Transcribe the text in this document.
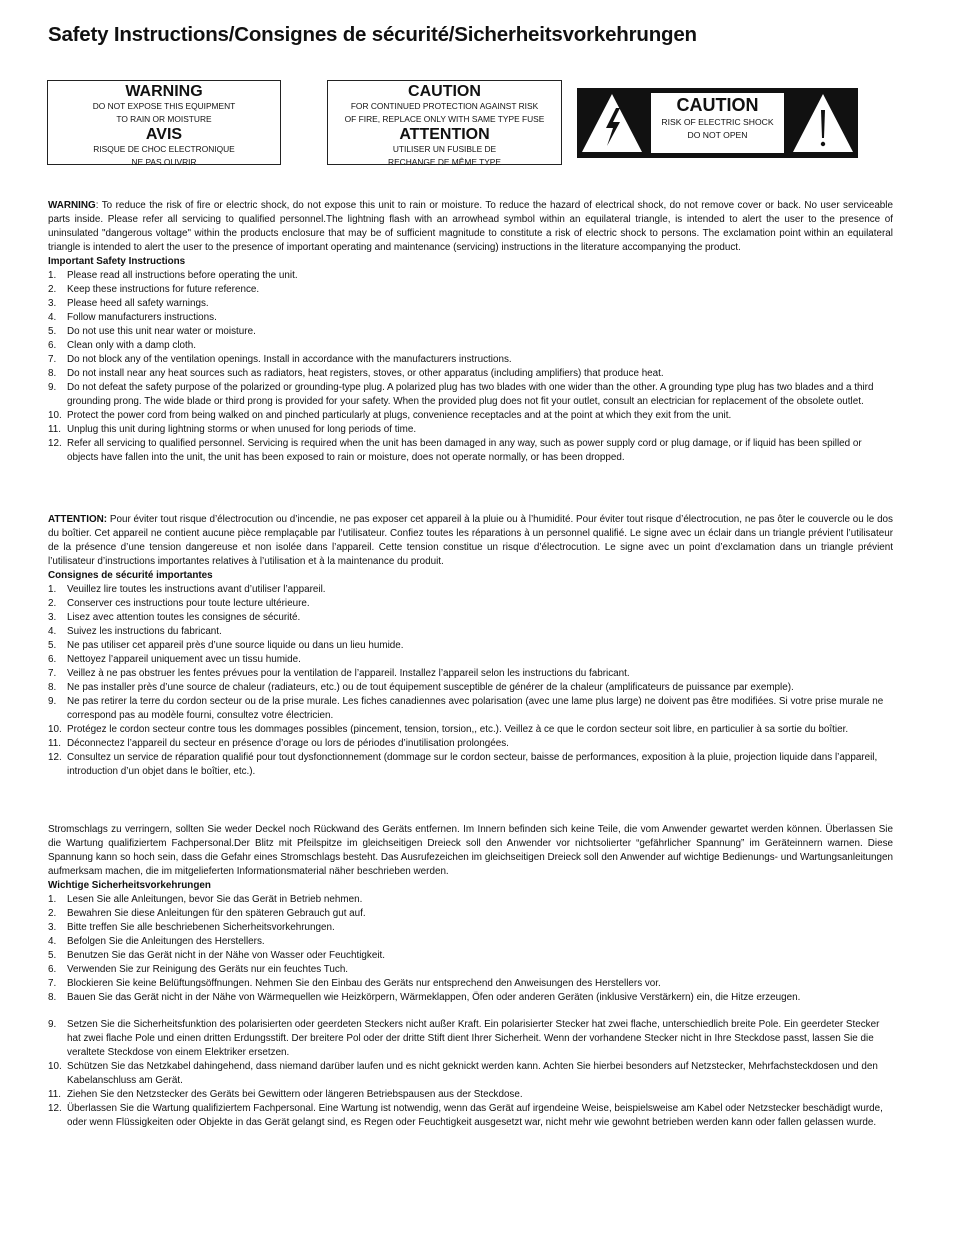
Safety Instructions/Consignes de sécurité/Sicherheitsvorkehrungen
WARNING
DO NOT EXPOSE THIS EQUIPMENT
TO RAIN OR MOISTURE
AVIS
RISQUE DE CHOC ELECTRONIQUE
NE PAS OUVRIR
CAUTION
FOR CONTINUED PROTECTION AGAINST RISK
OF FIRE, REPLACE ONLY WITH SAME TYPE FUSE
ATTENTION
UTILISER UN FUSIBLE DE
RECHANGE DE MÊME TYPE
CAUTION
RISK OF ELECTRIC SHOCK
DO NOT OPEN

WARNING: To reduce the risk of fire or electric shock, do not expose this unit to rain or moisture. To reduce the hazard of electrical shock, do not remove cover or back. No user serviceable parts inside. Please refer all servicing to qualified personnel.The lightning flash with an arrowhead symbol within an equilateral triangle, is intended to alert the user to the presence of uninsulated "dangerous voltage" within the products enclosure that may be of sufficient magnitude to constitute a risk of electric shock to persons. The exclamation point within an equilateral triangle is intended to alert the user to the presence of important operating and maintenance (servicing) instructions in the literature accompanying the product.

Important Safety Instructions
1. Please read all instructions before operating the unit.
2. Keep these instructions for future reference.
3. Please heed all safety warnings.
4. Follow manufacturers instructions.
5. Do not use this unit near water or moisture.
6. Clean only with a damp cloth.
7. Do not block any of the ventilation openings. Install in accordance with the manufacturers instructions.
8. Do not install near any heat sources such as radiators, heat registers, stoves, or other apparatus (including amplifiers) that produce heat.
9. Do not defeat the safety purpose of the polarized or grounding-type plug. A polarized plug has two blades with one wider than the other. A grounding type plug has two blades and a third grounding prong. The wide blade or third prong is provided for your safety. When the provided plug does not fit your outlet, consult an electrician for replacement of the obsolete outlet.
10. Protect the power cord from being walked on and pinched particularly at plugs, convenience receptacles and at the point at which they exit from the unit.
11. Unplug this unit during lightning storms or when unused for long periods of time.
12. Refer all servicing to qualified personnel. Servicing is required when the unit has been damaged in any way, such as power supply cord or plug damage, or if liquid has been spilled or objects have fallen into the unit, the unit has been exposed to rain or moisture, does not operate normally, or has been dropped.

ATTENTION: Pour éviter tout risque d’électrocution ou d’incendie, ne pas exposer cet appareil à la pluie ou à l’humidité. Pour éviter tout risque d’électrocution, ne pas ôter le couvercle ou le dos du boîtier. Cet appareil ne contient aucune pièce remplaçable par l’utilisateur. Confiez toutes les réparations à un personnel qualifié. Le signe avec un éclair dans un triangle prévient l’utilisateur de la présence d’une tension dangereuse et non isolée dans l’appareil. Cette tension constitue un risque d’électrocution. Le signe avec un point d’exclamation dans un triangle prévient l’utilisateur d’instructions importantes relatives à l’utilisation et à la maintenance du produit.

Consignes de sécurité importantes
1. Veuillez lire toutes les instructions avant d’utiliser l’appareil.
2. Conserver ces instructions pour toute lecture ultérieure.
3. Lisez avec attention toutes les consignes de sécurité.
4. Suivez les instructions du fabricant.
5. Ne pas utiliser cet appareil près d’une source liquide ou dans un lieu humide.
6. Nettoyez l’appareil uniquement avec un tissu humide.
7. Veillez à ne pas obstruer les fentes prévues pour la ventilation de l’appareil. Installez l’appareil selon les instructions du fabricant.
8. Ne pas installer près d’une source de chaleur (radiateurs, etc.) ou de tout équipement susceptible de générer de la chaleur (amplificateurs de puissance par exemple).
9. Ne pas retirer la terre du cordon secteur ou de la prise murale. Les fiches canadiennes avec polarisation (avec une lame plus large) ne doivent pas être modifiées. Si votre prise murale ne correspond pas au modèle fourni, consultez votre électricien.
10. Protégez le cordon secteur contre tous les dommages possibles (pincement, tension, torsion,, etc.). Veillez à ce que le cordon secteur soit libre, en particulier à sa sortie du boîtier.
11. Déconnectez l’appareil du secteur en présence d’orage ou lors de périodes d’inutilisation prolongées.
12. Consultez un service de réparation qualifié pour tout dysfonctionnement (dommage sur le cordon secteur, baisse de performances, exposition à la pluie, projection liquide dans l’appareil, introduction d’un objet dans le boîtier, etc.).

Stromschlags zu verringern, sollten Sie weder Deckel noch Rückwand des Geräts entfernen. Im Innern befinden sich keine Teile, die vom Anwender gewartet werden können. Überlassen Sie die Wartung qualifiziertem Fachpersonal.Der Blitz mit Pfeilspitze im gleichseitigen Dreieck soll den Anwender vor nichtsolierter “gefährlicher Spannung” im Geräteinnern warnen. Diese Spannung kann so hoch sein, dass die Gefahr eines Stromschlags besteht. Das Ausrufezeichen im gleichseitigen Dreieck soll den Anwender auf wichtige Bedienungs- und Wartungsanleitungen aufmerksam machen, die im mitgelieferten Informationsmaterial näher beschrieben werden.

Wichtige Sicherheitsvorkehrungen
1. Lesen Sie alle Anleitungen, bevor Sie das Gerät in Betrieb nehmen.
2. Bewahren Sie diese Anleitungen für den späteren Gebrauch gut auf.
3. Bitte treffen Sie alle beschriebenen Sicherheitsvorkehrungen.
4. Befolgen Sie die Anleitungen des Herstellers.
5. Benutzen Sie das Gerät nicht in der Nähe von Wasser oder Feuchtigkeit.
6. Verwenden Sie zur Reinigung des Geräts nur ein feuchtes Tuch.
7. Blockieren Sie keine Belüftungsöffnungen. Nehmen Sie den Einbau des Geräts nur entsprechend den Anweisungen des Herstellers vor.
8. Bauen Sie das Gerät nicht in der Nähe von Wärmequellen wie Heizkörpern, Wärmeklappen, Öfen oder anderen Geräten (inklusive Verstärkern) ein, die Hitze erzeugen.
9. Setzen Sie die Sicherheitsfunktion des polarisierten oder geerdeten Steckers nicht außer Kraft. Ein polarisierter Stecker hat zwei flache, unterschiedlich breite Pole. Ein geerdeter Stecker hat zwei flache Pole und einen dritten Erdungsstift. Der breitere Pol oder der dritte Stift dient Ihrer Sicherheit. Wenn der vorhandene Stecker nicht in Ihre Steckdose passt, lassen Sie die veraltete Steckdose von einem Elektriker ersetzen.
10. Schützen Sie das Netzkabel dahingehend, dass niemand darüber laufen und es nicht geknickt werden kann. Achten Sie hierbei besonders auf Netzstecker, Mehrfachsteckdosen und den Kabelanschluss am Gerät.
11. Ziehen Sie den Netzstecker des Geräts bei Gewittern oder längeren Betriebspausen aus der Steckdose.
12. Überlassen Sie die Wartung qualifiziertem Fachpersonal. Eine Wartung ist notwendig, wenn das Gerät auf irgendeine Weise, beispielsweise am Kabel oder Netzstecker beschädigt wurde, oder wenn Flüssigkeiten oder Objekte in das Gerät gelangt sind, es Regen oder Feuchtigkeit ausgesetzt war, nicht mehr wie gewohnt betrieben werden kann oder fallen gelassen wurde.
